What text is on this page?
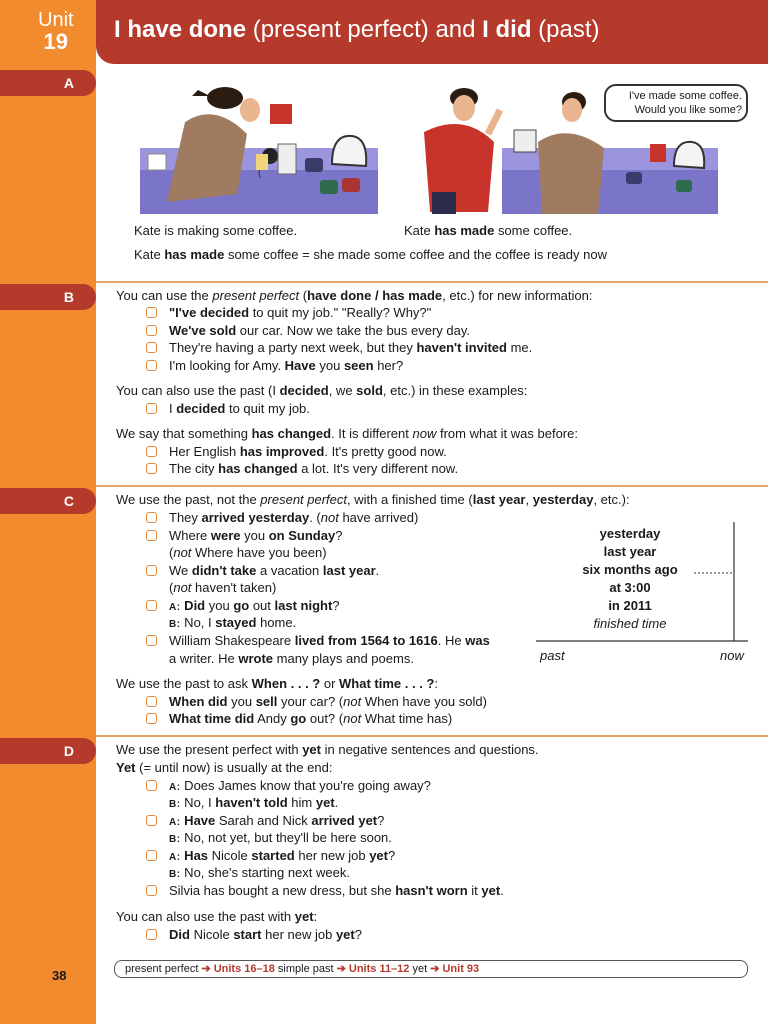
Unit
19 I have done (present perfect) and I did (past)
A
I've made some coffee.
Would you like some?
Kate is making some coffee.	Kate has made some coffee.
Kate has made some coffee = she made some coffee and the coffee is ready now
B	You can use the present perfect (have done / has made, etc.) for new information:
"I've decided to quit my job." "Really? Why?"
We've sold our car. Now we take the bus every day.
They're having a party next week, but they haven't invited me.
I'm looking for Amy. Have you seen her?
You can also use the past (I decided, we sold, etc.) in these examples:
I decided to quit my job.
We say that something has changed. It is different now from what it was before:
Her English has improved. It's pretty good now.
The city has changed a lot. It's very different now.
C	We use the past, not the present perfect, with a finished time (last year, yesterday, etc.):
They arrived yesterday. (not have arrived)
Where were you on Sunday?
(not Where have you been)
We didn't take a vacation last year.
(not haven't taken)
A: Did you go out last night?
B: No, I stayed home.
William Shakespeare lived from 1564 to 1616. He was
a writer. He wrote many plays and poems.
yesterday
last year
six months ago
at 3:00
in 2011
finished time
past	now
We use the past to ask When . . . ? or What time . . . ?:
When did you sell your car? (not When have you sold)
What time did Andy go out? (not What time has)
D	We use the present perfect with yet in negative sentences and questions.
Yet (= until now) is usually at the end:
A: Does James know that you're going away?
B: No, I haven't told him yet.
A: Have Sarah and Nick arrived yet?
B: No, not yet, but they'll be here soon.
A: Has Nicole started her new job yet?
B: No, she's starting next week.
Silvia has bought a new dress, but she hasn't worn it yet.
You can also use the past with yet:
Did Nicole start her new job yet?
38	present perfect ➔ Units 16–18 simple past ➔ Units 11–12 yet ➔ Unit 93
